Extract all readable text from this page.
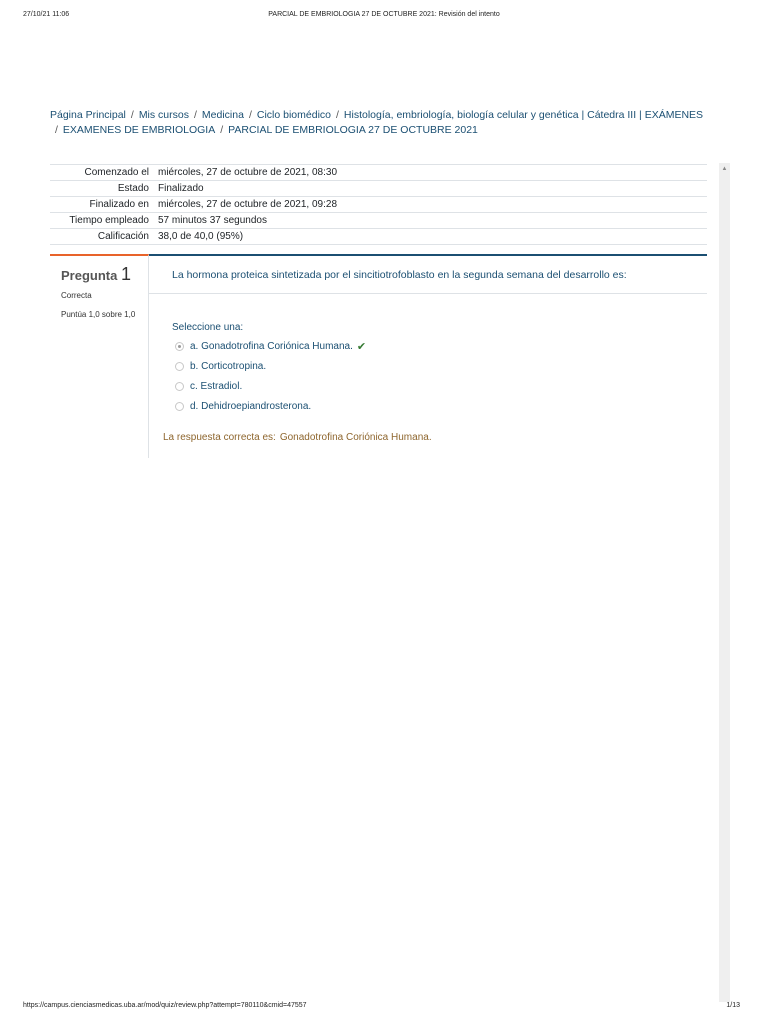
27/10/21 11:06	PARCIAL DE EMBRIOLOGIA 27 DE OCTUBRE 2021: Revisión del intento
Página Principal / Mis cursos / Medicina / Ciclo biomédico / Histología, embriología, biología celular y genética | Cátedra III | EXÁMENES
/ EXAMENES DE EMBRIOLOGIA / PARCIAL DE EMBRIOLOGIA 27 DE OCTUBRE 2021
Comenzado el miércoles, 27 de octubre de 2021, 08:30
Estado Finalizado
Finalizado en miércoles, 27 de octubre de 2021, 09:28
Tiempo empleado 57 minutos 37 segundos
Calificación 38,0 de 40,0 (95%)
Pregunta 1
Correcta
Puntúa 1,0 sobre 1,0
La hormona proteica sintetizada por el sincitiotrofoblasto en la segunda semana del desarrollo es:
Seleccione una:
a. Gonadotrofina Coriónica Humana. ✔
b. Corticotropina.
c. Estradiol.
d. Dehidroepiandrosterona.
La respuesta correcta es: Gonadotrofina Coriónica Humana.
▲
https://campus.cienciasmedicas.uba.ar/mod/quiz/review.php?attempt=780110&cmid=47557	1/13
